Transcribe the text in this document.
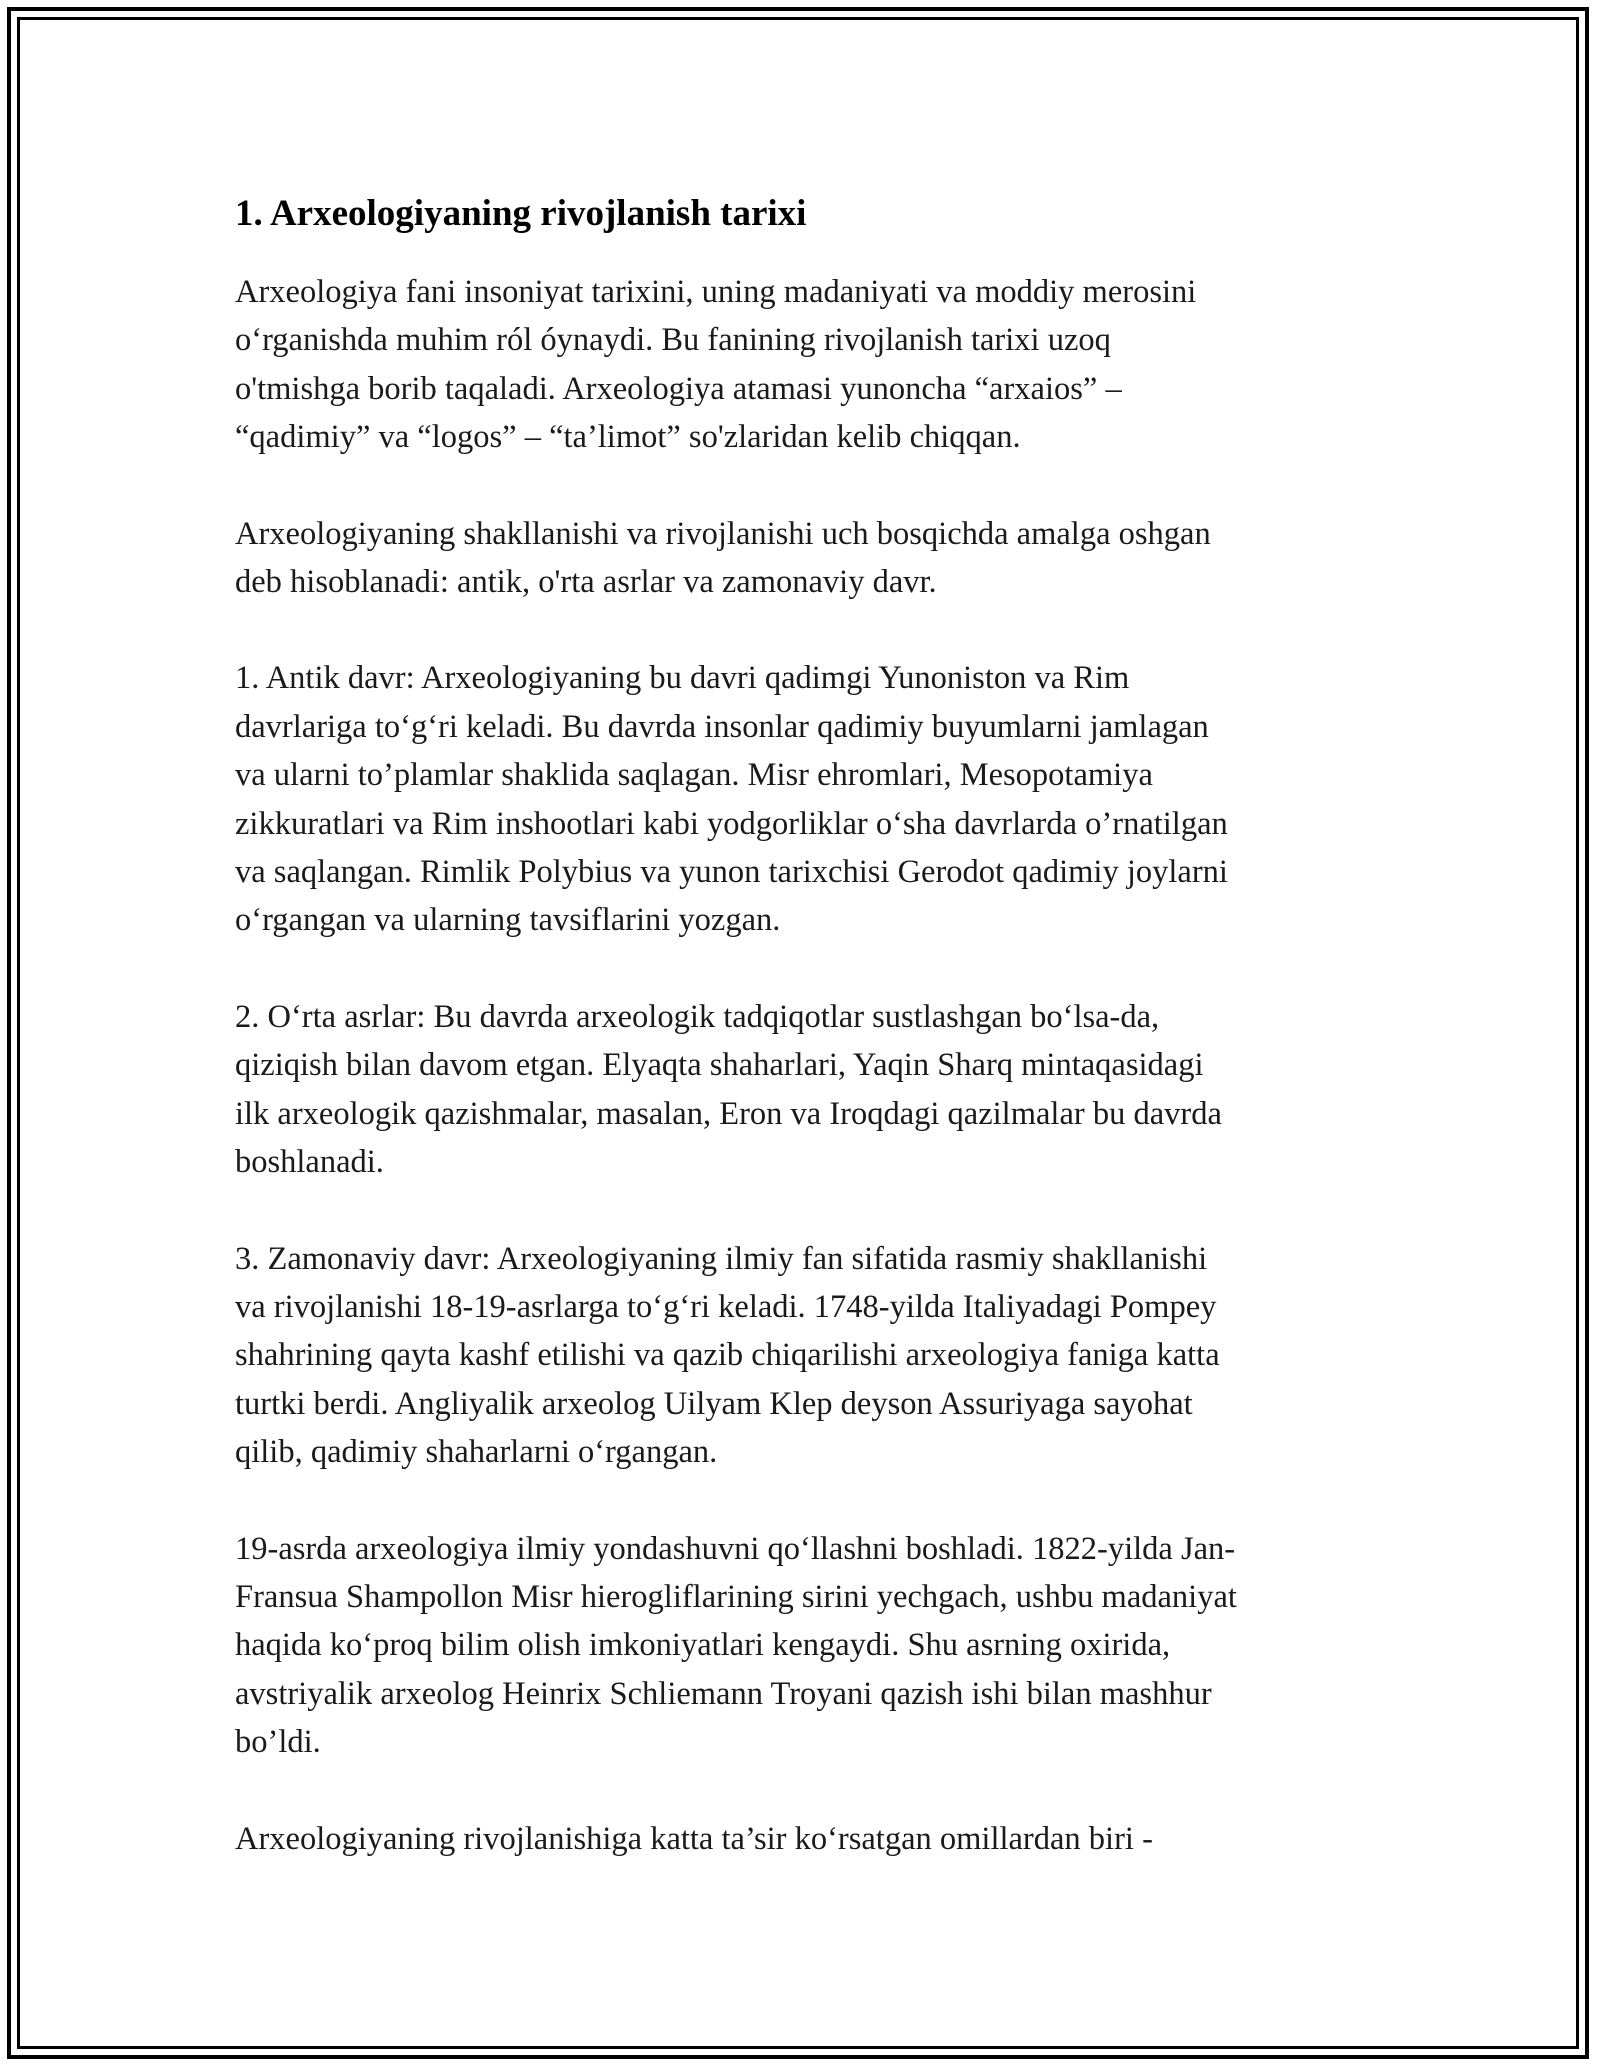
1. Arxeologiyaning rivojlanish tarixi

Arxeologiya fani insoniyat tarixini, uning madaniyati va moddiy merosini
o‘rganishda muhim ról óynaydi. Bu fanining rivojlanish tarixi uzoq
o'tmishga borib taqaladi. Arxeologiya atamasi yunoncha “arxaios” –
“qadimiy” va “logos” – “ta’limot” so'zlaridan kelib chiqqan.

Arxeologiyaning shakllanishi va rivojlanishi uch bosqichda amalga oshgan
deb hisoblanadi: antik, o'rta asrlar va zamonaviy davr.

1. Antik davr: Arxeologiyaning bu davri qadimgi Yunoniston va Rim
davrlariga to‘g‘ri keladi. Bu davrda insonlar qadimiy buyumlarni jamlagan
va ularni to’plamlar shaklida saqlagan. Misr ehromlari, Mesopotamiya
zikkuratlari va Rim inshootlari kabi yodgorliklar o‘sha davrlarda o’rnatilgan
va saqlangan. Rimlik Polybius va yunon tarixchisi Gerodot qadimiy joylarni
o‘rgangan va ularning tavsiflarini yozgan.

2. O‘rta asrlar: Bu davrda arxeologik tadqiqotlar sustlashgan bo‘lsa-da,
qiziqish bilan davom etgan. Elyaqta shaharlari, Yaqin Sharq mintaqasidagi
ilk arxeologik qazishmalar, masalan, Eron va Iroqdagi qazilmalar bu davrda
boshlanadi.

3. Zamonaviy davr: Arxeologiyaning ilmiy fan sifatida rasmiy shakllanishi
va rivojlanishi 18-19-asrlarga to‘g‘ri keladi. 1748-yilda Italiyadagi Pompey
shahrining qayta kashf etilishi va qazib chiqarilishi arxeologiya faniga katta
turtki berdi. Angliyalik arxeolog Uilyam Klep deyson Assuriyaga sayohat
qilib, qadimiy shaharlarni o‘rgangan.

19-asrda arxeologiya ilmiy yondashuvni qo‘llashni boshladi. 1822-yilda Jan-
Fransua Shampollon Misr hierogliflarining sirini yechgach, ushbu madaniyat
haqida ko‘proq bilim olish imkoniyatlari kengaydi. Shu asrning oxirida,
avstriyalik arxeolog Heinrix Schliemann Troyani qazish ishi bilan mashhur
bo’ldi.

Arxeologiyaning rivojlanishiga katta ta’sir ko‘rsatgan omillardan biri -
